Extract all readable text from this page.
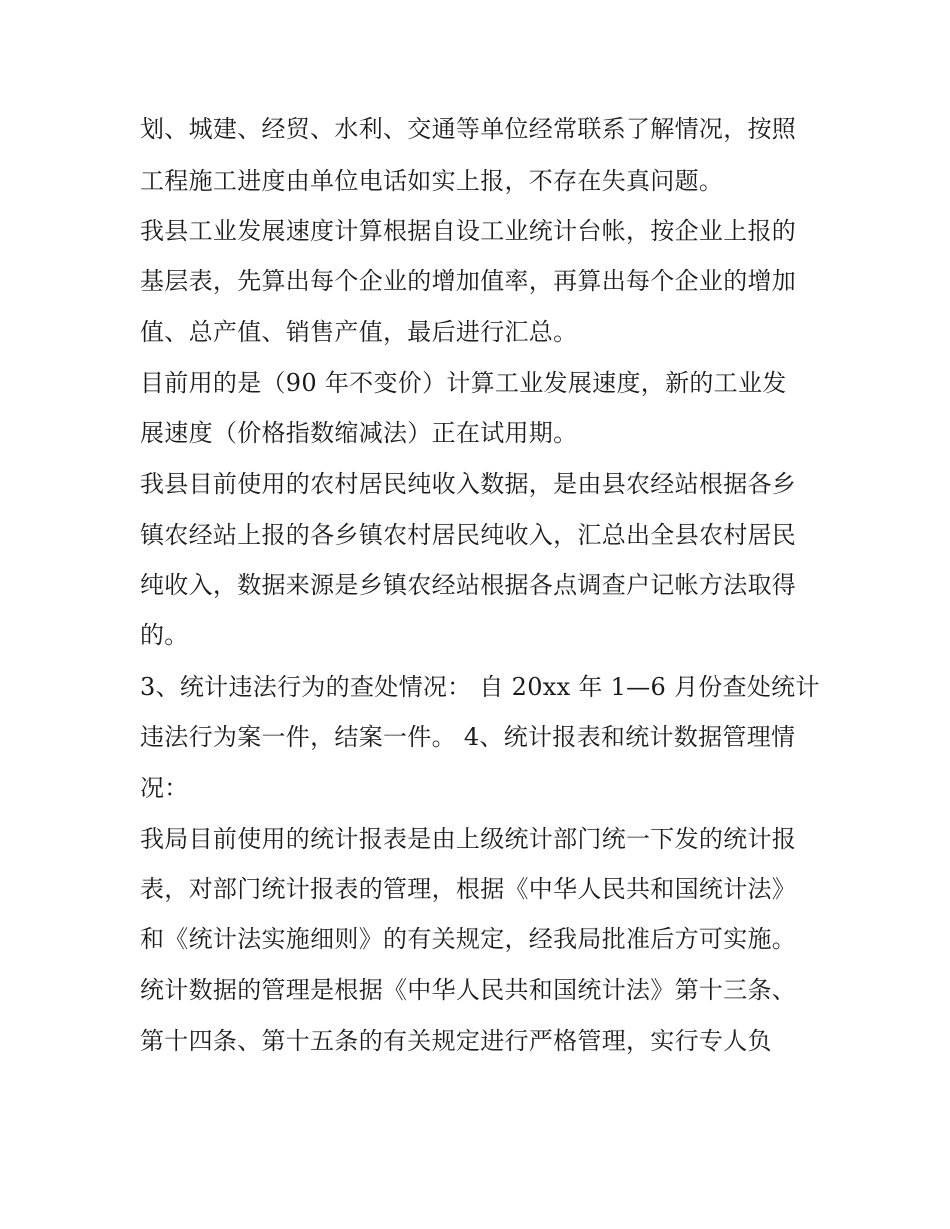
划、城建、经贸、水利、交通等单位经常联系了解情况，按照

工程施工进度由单位电话如实上报，不存在失真问题。

我县工业发展速度计算根据自设工业统计台帐，按企业上报的

基层表，先算出每个企业的增加值率，再算出每个企业的增加

值、总产值、销售产值，最后进行汇总。

目前用的是（90 年不变价）计算工业发展速度，新的工业发

展速度（价格指数缩减法）正在试用期。

我县目前使用的农村居民纯收入数据，是由县农经站根据各乡

镇农经站上报的各乡镇农村居民纯收入，汇总出全县农村居民

纯收入，数据来源是乡镇农经站根据各点调查户记帐方法取得

的。

3、统计违法行为的查处情况： 自 20xx 年 1—6 月份查处统计

违法行为案一件，结案一件。 4、统计报表和统计数据管理情

况：

我局目前使用的统计报表是由上级统计部门统一下发的统计报

表，对部门统计报表的管理，根据《中华人民共和国统计法》

和《统计法实施细则》的有关规定，经我局批准后方可实施。

统计数据的管理是根据《中华人民共和国统计法》第十三条、

第十四条、第十五条的有关规定进行严格管理，实行专人负
